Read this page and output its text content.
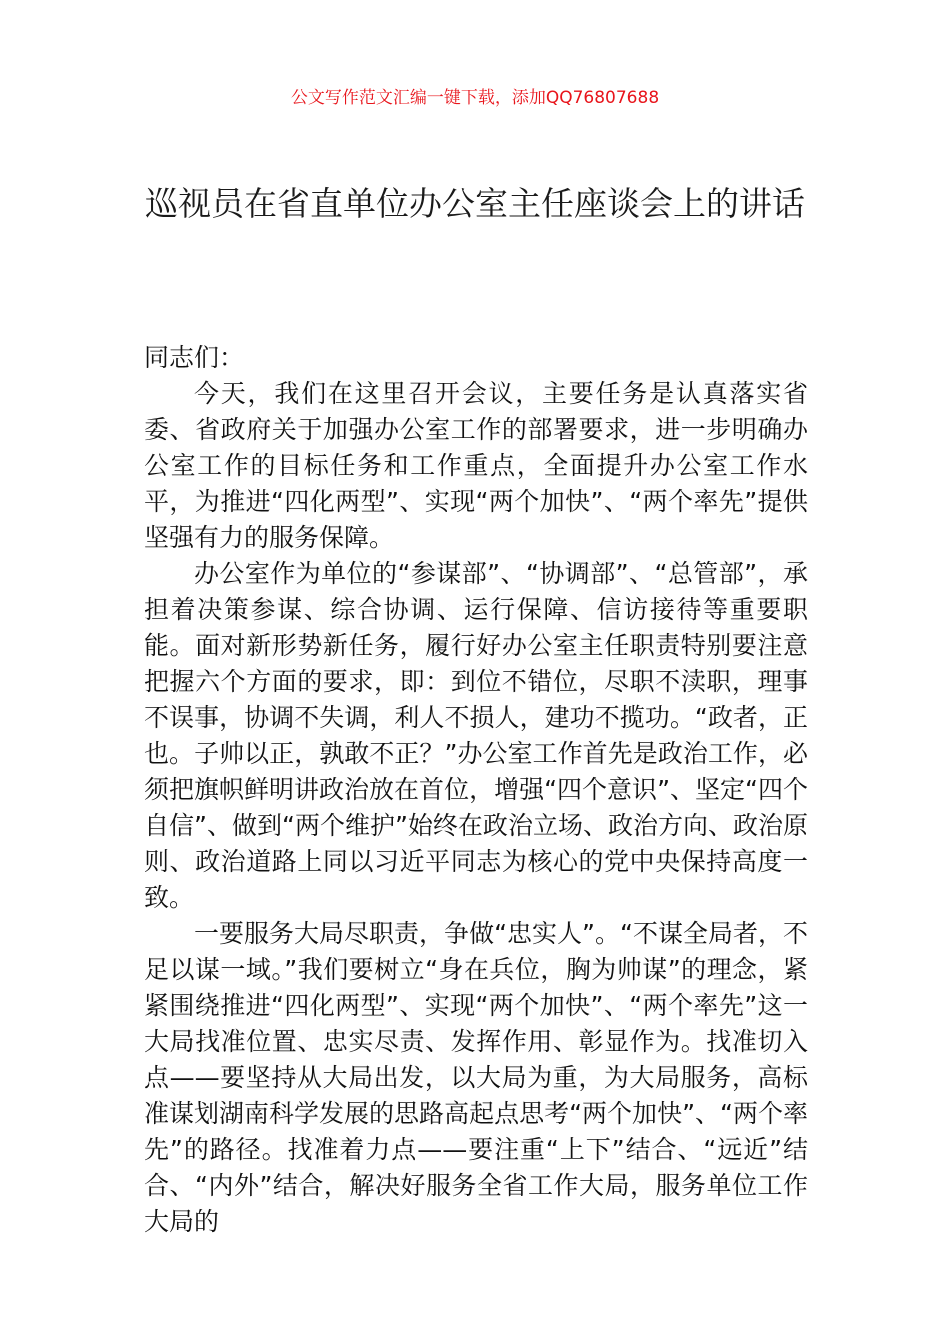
公文写作范文汇编一键下载，添加QQ76807688
巡视员在省直单位办公室主任座谈会上的讲话

同志们：

今天，我们在这里召开会议，主要任务是认真落实省委、省政府关于加强办公室工作的部署要求，进一步明确办公室工作的目标任务和工作重点，全面提升办公室工作水平，为推进“四化两型”、实现“两个加快”、“两个率先”提供坚强有力的服务保障。

办公室作为单位的“参谋部”、“协调部”、“总管部”，承担着决策参谋、综合协调、运行保障、信访接待等重要职能。面对新形势新任务，履行好办公室主任职责特别要注意把握六个方面的要求，即：到位不错位，尽职不渎职，理事不误事，协调不失调，利人不损人，建功不揽功。“政者，正也。子帅以正，孰敢不正？”办公室工作首先是政治工作，必须把旗帜鲜明讲政治放在首位，增强“四个意识”、坚定“四个自信”、做到“两个维护”始终在政治立场、政治方向、政治原则、政治道路上同以习近平同志为核心的党中央保持高度一致。

一要服务大局尽职责，争做“忠实人”。“不谋全局者，不足以谋一域。”我们要树立“身在兵位，胸为帅谋”的理念，紧紧围绕推进“四化两型”、实现“两个加快”、“两个率先”这一大局找准位置、忠实尽责、发挥作用、彰显作为。找准切入点——要坚持从大局出发，以大局为重，为大局服务，高标准谋划湖南科学发展的思路高起点思考“两个加快”、“两个率先”的路径。找准着力点——要注重“上下”结合、“远近”结合、“内外”结合，解决好服务全省工作大局，服务单位工作大局的
